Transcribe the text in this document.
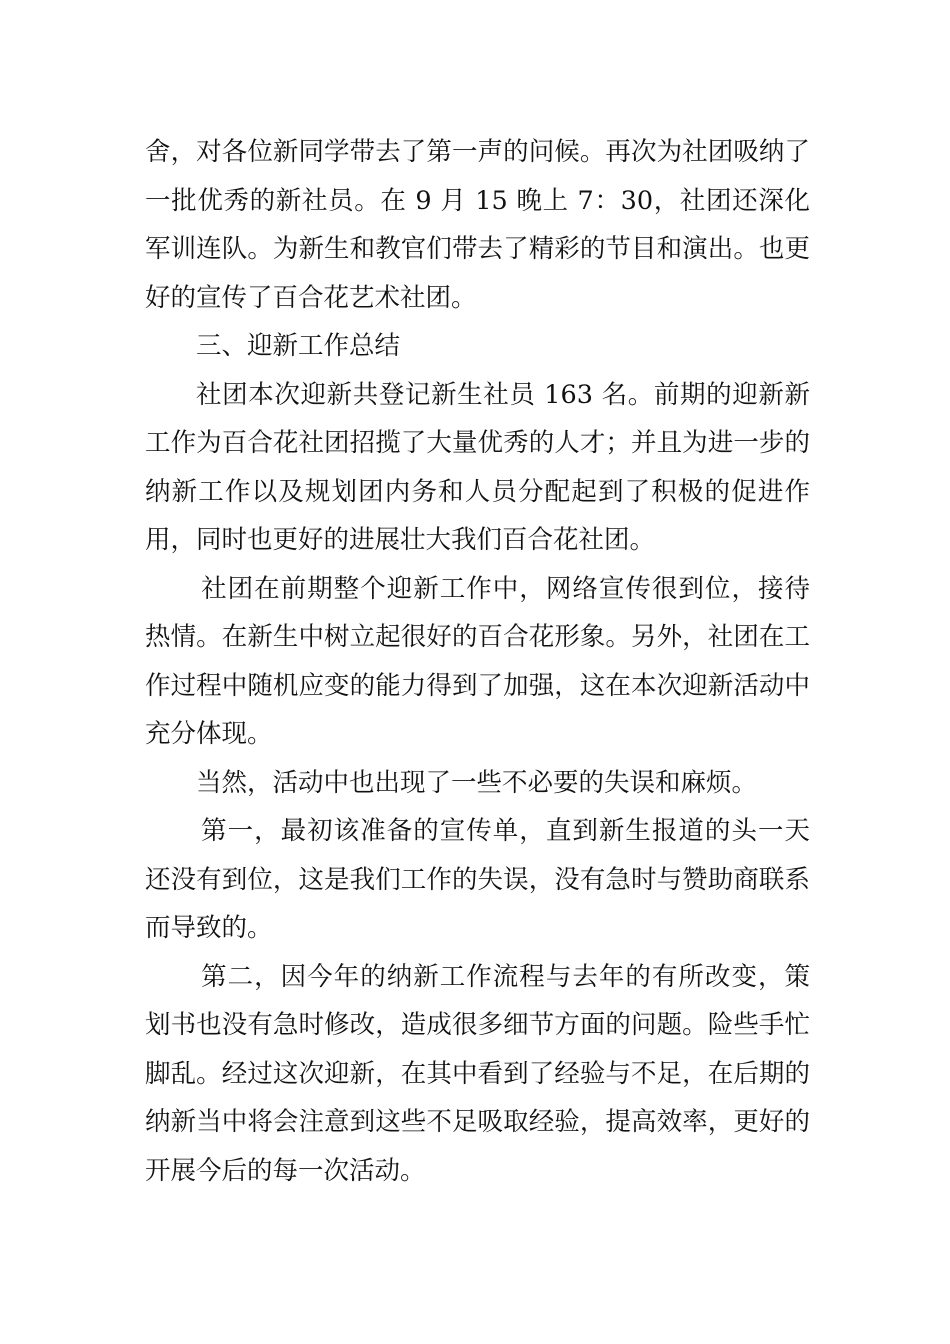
舍，对各位新同学带去了第一声的问候。再次为社团吸纳了一批优秀的新社员。在 9 月 15 晚上 7：30，社团还深化军训连队。为新生和教官们带去了精彩的节目和演出。也更好的宣传了百合花艺术社团。

三、迎新工作总结

社团本次迎新共登记新生社员 163 名。前期的迎新新工作为百合花社团招揽了大量优秀的人才；并且为进一步的纳新工作以及规划团内务和人员分配起到了积极的促进作用，同时也更好的进展壮大我们百合花社团。

社团在前期整个迎新工作中，网络宣传很到位，接待热情。在新生中树立起很好的百合花形象。另外，社团在工作过程中随机应变的能力得到了加强，这在本次迎新活动中充分体现。

当然，活动中也出现了一些不必要的失误和麻烦。

第一，最初该准备的宣传单，直到新生报道的头一天还没有到位，这是我们工作的失误，没有急时与赞助商联系而导致的。

第二，因今年的纳新工作流程与去年的有所改变，策划书也没有急时修改，造成很多细节方面的问题。险些手忙脚乱。经过这次迎新，在其中看到了经验与不足，在后期的纳新当中将会注意到这些不足吸取经验，提高效率，更好的开展今后的每一次活动。
